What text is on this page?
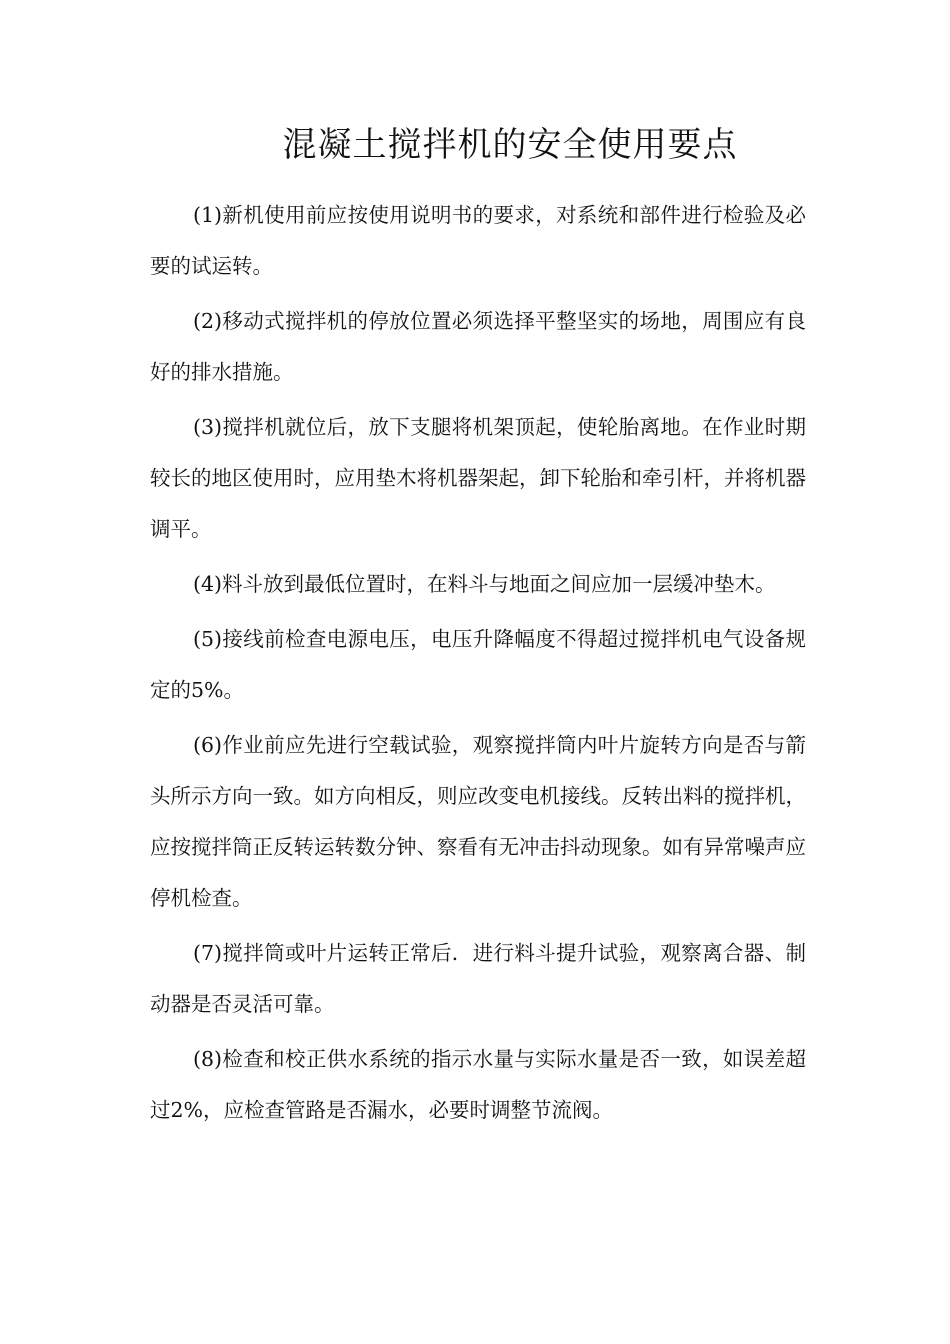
混凝土搅拌机的安全使用要点

(1)新机使用前应按使用说明书的要求，对系统和部件进行检验及必要的试运转。

(2)移动式搅拌机的停放位置必须选择平整坚实的场地，周围应有良好的排水措施。

(3)搅拌机就位后，放下支腿将机架顶起，使轮胎离地。在作业时期较长的地区使用时，应用垫木将机器架起，卸下轮胎和牵引杆，并将机器调平。

(4)料斗放到最低位置时，在料斗与地面之间应加一层缓冲垫木。

(5)接线前检查电源电压，电压升降幅度不得超过搅拌机电气设备规定的5%。

(6)作业前应先进行空载试验，观察搅拌筒内叶片旋转方向是否与箭头所示方向一致。如方向相反，则应改变电机接线。反转出料的搅拌机，应按搅拌筒正反转运转数分钟、察看有无冲击抖动现象。如有异常噪声应停机检查。

(7)搅拌筒或叶片运转正常后．进行料斗提升试验，观察离合器、制动器是否灵活可靠。

(8)检查和校正供水系统的指示水量与实际水量是否一致，如误差超过2%，应检查管路是否漏水，必要时调整节流阀。
